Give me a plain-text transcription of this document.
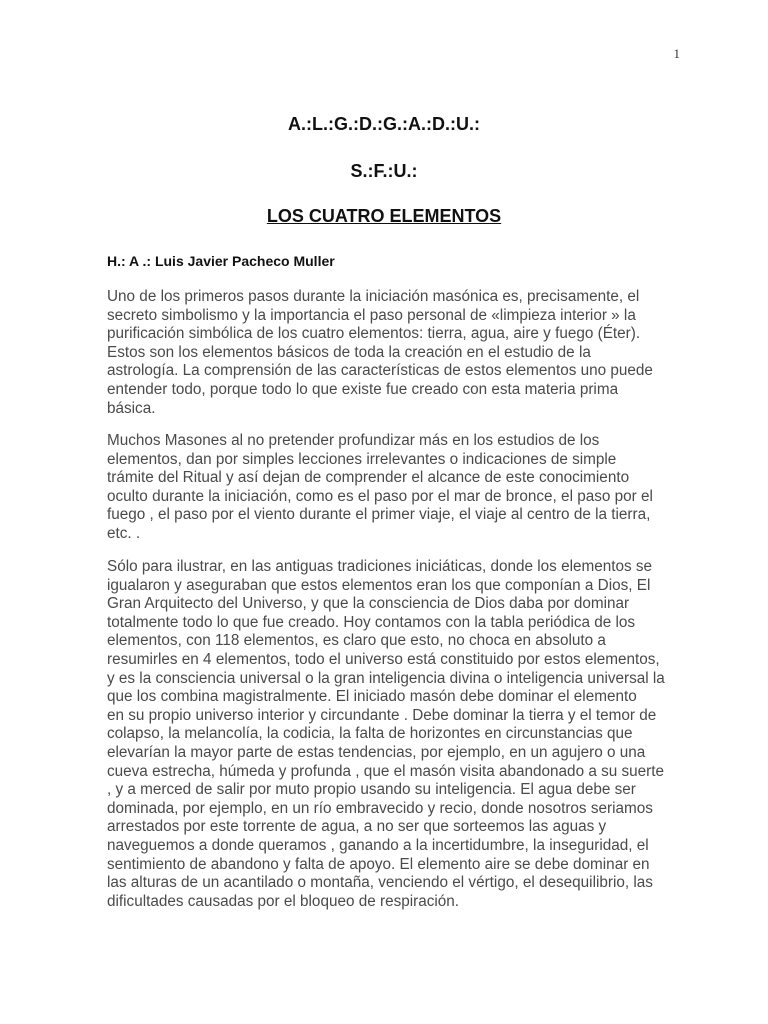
1
A.:L.:G.:D.:G.:A.:D.:U.:
S.:F.:U.:
LOS CUATRO ELEMENTOS
H.: A .: Luis Javier Pacheco Muller
Uno de los primeros pasos durante la iniciación masónica es, precisamente, el
secreto simbolismo y la importancia el paso personal de «limpieza interior » la
purificación simbólica de los cuatro elementos: tierra, agua, aire y fuego (Éter).
Estos son los elementos básicos de toda la creación en el estudio de la
astrología. La comprensión de las características de estos elementos uno puede
entender todo, porque todo lo que existe fue creado con esta materia prima
básica.
Muchos Masones al no pretender profundizar más en los estudios de los
elementos, dan por simples lecciones irrelevantes o indicaciones de simple
trámite del Ritual y así dejan de comprender el alcance de este conocimiento
oculto durante la iniciación, como es el paso por el mar de bronce, el paso por el
fuego , el paso por el viento durante el primer viaje, el viaje al centro de la tierra,
etc. .
Sólo para ilustrar, en las antiguas tradiciones iniciáticas, donde los elementos se
igualaron y aseguraban que estos elementos eran los que componían a Dios, El
Gran Arquitecto del Universo, y que la consciencia de Dios daba por dominar
totalmente todo lo que fue creado. Hoy contamos con la tabla periódica de los
elementos, con 118 elementos, es claro que esto, no choca en absoluto a
resumirles en 4 elementos, todo el universo está constituido por estos elementos,
y es la consciencia universal o la gran inteligencia divina o inteligencia universal la
que los combina magistralmente. El iniciado masón debe dominar el elemento
en su propio universo interior y circundante . Debe dominar la tierra y el temor de
colapso, la melancolía, la codicia, la falta de horizontes en circunstancias que
elevarían la mayor parte de estas tendencias, por ejemplo, en un agujero o una
cueva estrecha, húmeda y profunda , que el masón visita abandonado a su suerte
, y a merced de salir por muto propio usando su inteligencia. El agua debe ser
dominada, por ejemplo, en un río embravecido y recio, donde nosotros seriamos
arrestados por este torrente de agua, a no ser que sorteemos las aguas y
naveguemos a donde queramos , ganando a la incertidumbre, la inseguridad, el
sentimiento de abandono y falta de apoyo. El elemento aire se debe dominar en
las alturas de un acantilado o montaña, venciendo el vértigo, el desequilibrio, las
dificultades causadas por el bloqueo de respiración.
